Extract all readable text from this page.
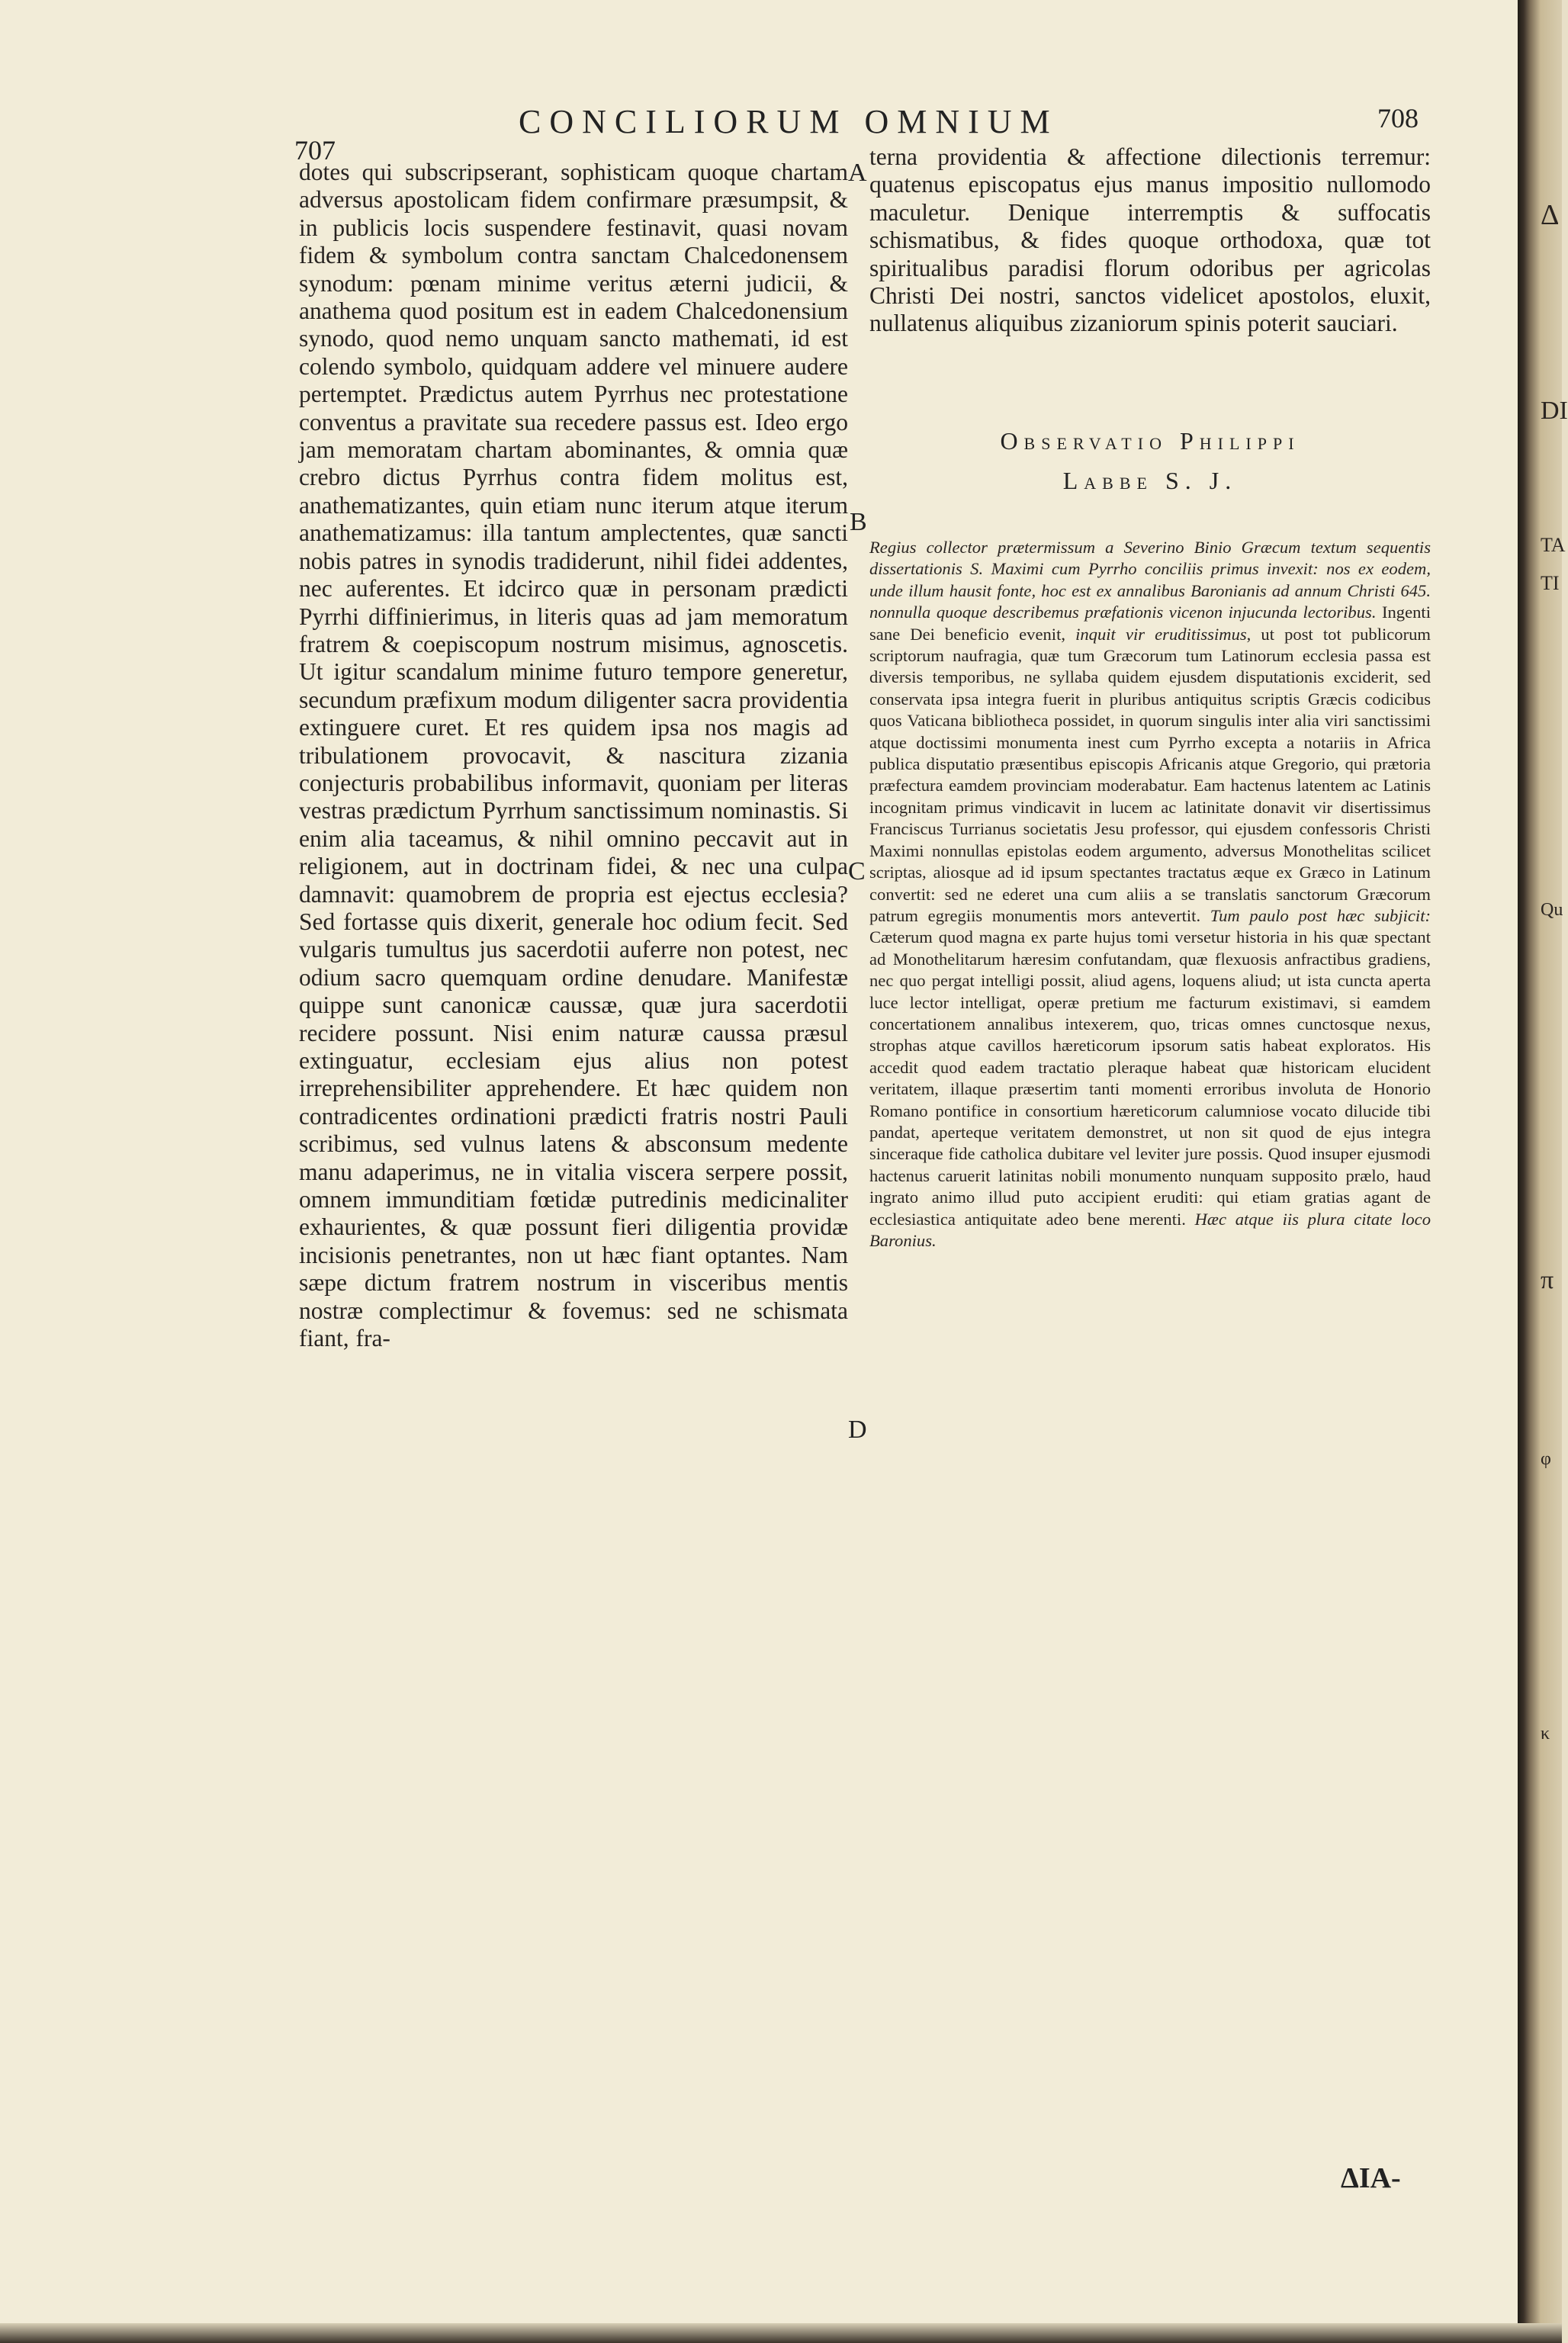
Δ
DI
TA
TI
Qu
π
φ
κ
707
CONCILIORUM OMNIUM	708

dotes qui subscripserant, sophisticam quoque chartam adversus apostolicam fidem confirmare præsumpsit, & in publicis locis suspendere festinavit, quasi novam fidem & symbolum contra sanctam Chalcedonensem synodum: pœnam minime veritus æterni judicii, & anathema quod positum est in eadem Chalcedonensium synodo, quod nemo unquam sancto mathemati, id est colendo symbolo, quidquam addere vel minuere audere pertemptet. Prædictus autem Pyrrhus nec protestatione conventus a pravitate sua recedere passus est. Ideo ergo jam memoratam chartam abominantes, & omnia quæ crebro dictus Pyrrhus contra fidem molitus est, anathematizantes, quin etiam nunc iterum atque iterum anathematizamus: illa tantum amplectentes, quæ sancti nobis patres in synodis tradiderunt, nihil fidei addentes, nec auferentes. Et idcirco quæ in personam prædicti Pyrrhi diffinierimus, in literis quas ad jam memoratum fratrem & coepiscopum nostrum misimus, agnoscetis. Ut igitur scandalum minime futuro tempore generetur, secundum præfixum modum diligenter sacra providentia extinguere curet. Et res quidem ipsa nos magis ad tribulationem provocavit, & nascitura zizania conjecturis probabilibus informavit, quoniam per literas vestras prædictum Pyrrhum sanctissimum nominastis. Si enim alia taceamus, & nihil omnino peccavit aut in religionem, aut in doctrinam fidei, & nec una culpa damnavit: quamobrem de propria est ejectus ecclesia? Sed fortasse quis dixerit, generale hoc odium fecit. Sed vulgaris tumultus jus sacerdotii auferre non potest, nec odium sacro quemquam ordine denudare. Manifestæ quippe sunt canonicæ caussæ, quæ jura sacerdotii recidere possunt. Nisi enim naturæ caussa præsul extinguatur, ecclesiam ejus alius non potest irreprehensibiliter apprehendere. Et hæc quidem non contradicentes ordinationi prædicti fratris nostri Pauli scribimus, sed vulnus latens & absconsum medente manu adaperimus, ne in vitalia viscera serpere possit, omnem immunditiam fœtidæ putredinis medicinaliter exhaurientes, & quæ possunt fieri diligentia providæ incisionis penetrantes, non ut hæc fiant optantes. Nam sæpe dictum fratrem nostrum in visceribus mentis nostræ complectimur & fovemus: sed ne schismata fiant, fra-

terna providentia & affectione dilectionis terremur: quatenus episcopatus ejus manus impositio nullomodo maculetur. Denique interremptis & suffocatis schismatibus, & fides quoque orthodoxa, quæ tot spiritualibus paradisi florum odoribus per agricolas Christi Dei nostri, sanctos videlicet apostolos, eluxit, nullatenus aliquibus zizaniorum spinis poterit sauciari.

Observatio Philippi
Labbe S. J.

Regius collector prætermissum a Severino Binio Græcum textum sequentis dissertationis S. Maximi cum Pyrrho conciliis primus invexit: nos ex eodem, unde illum hausit fonte, hoc est ex annalibus Baronianis ad annum Christi 645. nonnulla quoque describemus præfationis vicenon injucunda lectoribus. Ingenti sane Dei beneficio evenit, inquit vir eruditissimus, ut post tot publicorum scriptorum naufragia, quæ tum Græcorum tum Latinorum ecclesia passa est diversis temporibus, ne syllaba quidem ejusdem disputationis exciderit, sed conservata ipsa integra fuerit in pluribus antiquitus scriptis Græcis codicibus quos Vaticana bibliotheca possidet, in quorum singulis inter alia viri sanctissimi atque doctissimi monumenta inest cum Pyrrho excepta a notariis in Africa publica disputatio præsentibus episcopis Africanis atque Gregorio, qui prætoria præfectura eamdem provinciam moderabatur. Eam hactenus latentem ac Latinis incognitam primus vindicavit in lucem ac latinitate donavit vir disertissimus Franciscus Turrianus societatis Jesu professor, qui ejusdem confessoris Christi Maximi nonnullas epistolas eodem argumento, adversus Monothelitas scilicet scriptas, aliosque ad id ipsum spectantes tractatus æque ex Græco in Latinum convertit: sed ne ederet una cum aliis a se translatis sanctorum Græcorum patrum egregiis monumentis mors antevertit. Tum paulo post hæc subjicit: Cæterum quod magna ex parte hujus tomi versetur historia in his quæ spectant ad Monothelitarum hæresim confutandam, quæ flexuosis anfractibus gradiens, nec quo pergat intelligi possit, aliud agens, loquens aliud; ut ista cuncta aperta luce lector intelligat, operæ pretium me facturum existimavi, si eamdem concertationem annalibus intexerem, quo, tricas omnes cunctosque nexus, strophas atque cavillos hæreticorum ipsorum satis habeat exploratos. His accedit quod eadem tractatio pleraque habeat quæ historicam elucident veritatem, illaque præsertim tanti momenti erroribus involuta de Honorio Romano pontifice in consortium hæreticorum calumniose vocato dilucide tibi pandat, aperteque veritatem demonstret, ut non sit quod de ejus integra sinceraque fide catholica dubitare vel leviter jure possis. Quod insuper ejusmodi hactenus caruerit latinitas nobili monumento nunquam supposito prælo, haud ingrato animo illud puto accipient eruditi: qui etiam gratias agant de ecclesiastica antiquitate adeo bene merenti. Hæc atque iis plura citate loco Baronius.

A
B
C
D
ΔΙΑ-
